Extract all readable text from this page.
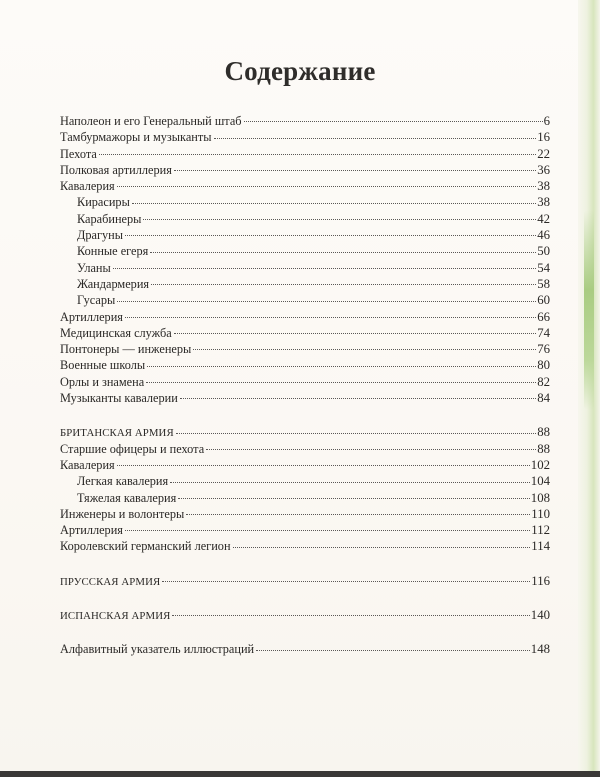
Содержание
Наполеон и его Генеральный штаб	6
Тамбурмажоры и музыканты	16
Пехота	22
Полковая артиллерия	36
Кавалерия	38
Кирасиры	38
Карабинеры	42
Драгуны	46
Конные егеря	50
Уланы	54
Жандармерия	58
Гусары	60
Артиллерия	66
Медицинская служба	74
Понтонеры — инженеры	76
Военные школы	80
Орлы и знамена	82
Музыканты кавалерии	84
БРИТАНСКАЯ АРМИЯ	88
Старшие офицеры и пехота	88
Кавалерия	102
Легкая кавалерия	104
Тяжелая кавалерия	108
Инженеры и волонтеры	110
Артиллерия	112
Королевский германский легион	114
ПРУССКАЯ АРМИЯ	116
ИСПАНСКАЯ АРМИЯ	140
Алфавитный указатель иллюстраций	148
